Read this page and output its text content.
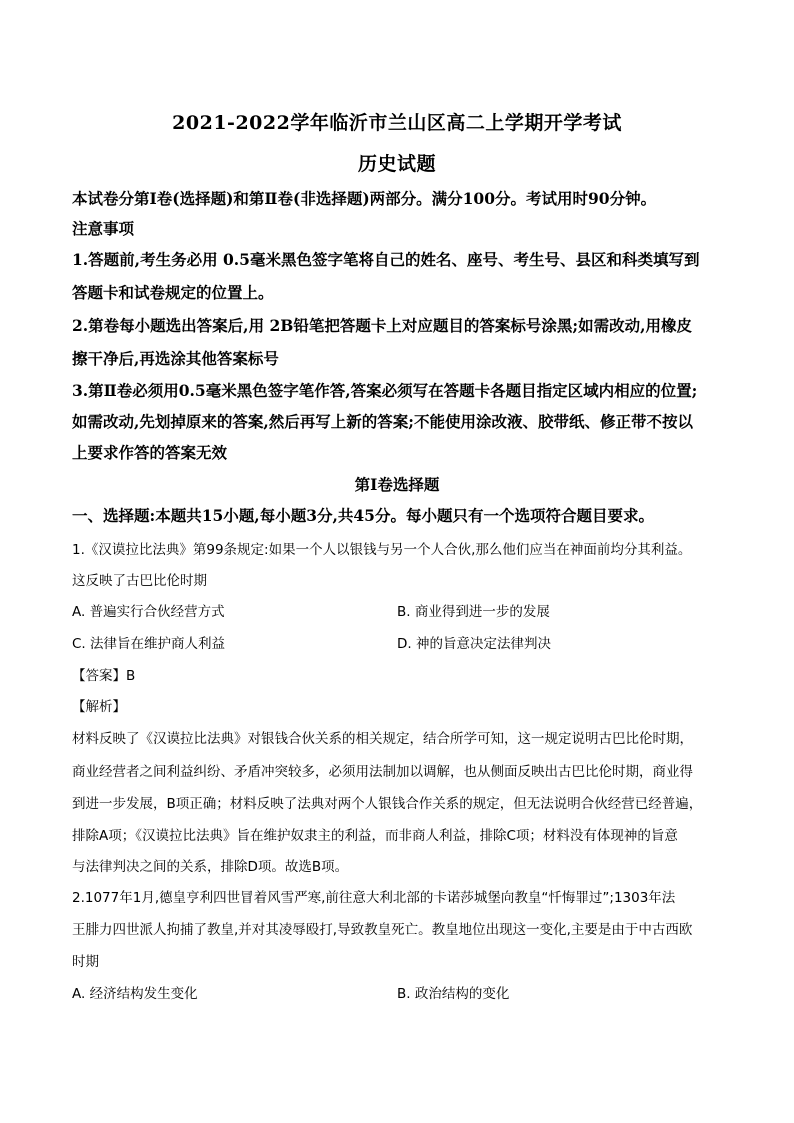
2021-2022学年临沂市兰山区高二上学期开学考试
历史试题
本试卷分第Ⅰ卷(选择题)和第Ⅱ卷(非选择题)两部分。满分100分。考试用时90分钟。
注意事项
1.答题前,考生务必用 0.5毫米黑色签字笔将自己的姓名、座号、考生号、县区和科类填写到
答题卡和试卷规定的位置上。
2.第卷每小题选出答案后,用 2B铅笔把答题卡上对应题目的答案标号涂黑;如需改动,用橡皮
擦干净后,再选涂其他答案标号
3.第Ⅱ卷必须用0.5毫米黑色签字笔作答,答案必须写在答题卡各题目指定区域内相应的位置;
如需改动,先划掉原来的答案,然后再写上新的答案;不能使用涂改液、胶带纸、修正带不按以
上要求作答的答案无效
第Ⅰ卷选择题
一、选择题:本题共15小题,每小题3分,共45分。每小题只有一个选项符合题目要求。
1.《汉谟拉比法典》第99条规定:如果一个人以银钱与另一个人合伙,那么他们应当在神面前均分其利益。
这反映了古巴比伦时期
A. 普遍实行合伙经营方式	B. 商业得到进一步的发展
C. 法律旨在维护商人利益	D. 神的旨意决定法律判决
【答案】B
【解析】
材料反映了《汉谟拉比法典》对银钱合伙关系的相关规定，结合所学可知，这一规定说明古巴比伦时期，
商业经营者之间利益纠纷、矛盾冲突较多，必须用法制加以调解，也从侧面反映出古巴比伦时期，商业得
到进一步发展，B项正确；材料反映了法典对两个人银钱合作关系的规定，但无法说明合伙经营已经普遍，
排除A项；《汉谟拉比法典》旨在维护奴隶主的利益，而非商人利益，排除C项；材料没有体现神的旨意
与法律判决之间的关系，排除D项。故选B项。
2.1077年1月,德皇亨利四世冒着风雪严寒,前往意大利北部的卡诺莎城堡向教皇“忏悔罪过”;1303年法
王腓力四世派人拘捕了教皇,并对其凌辱殴打,导致教皇死亡。教皇地位出现这一变化,主要是由于中古西欧
时期
A. 经济结构发生变化	B. 政治结构的变化
